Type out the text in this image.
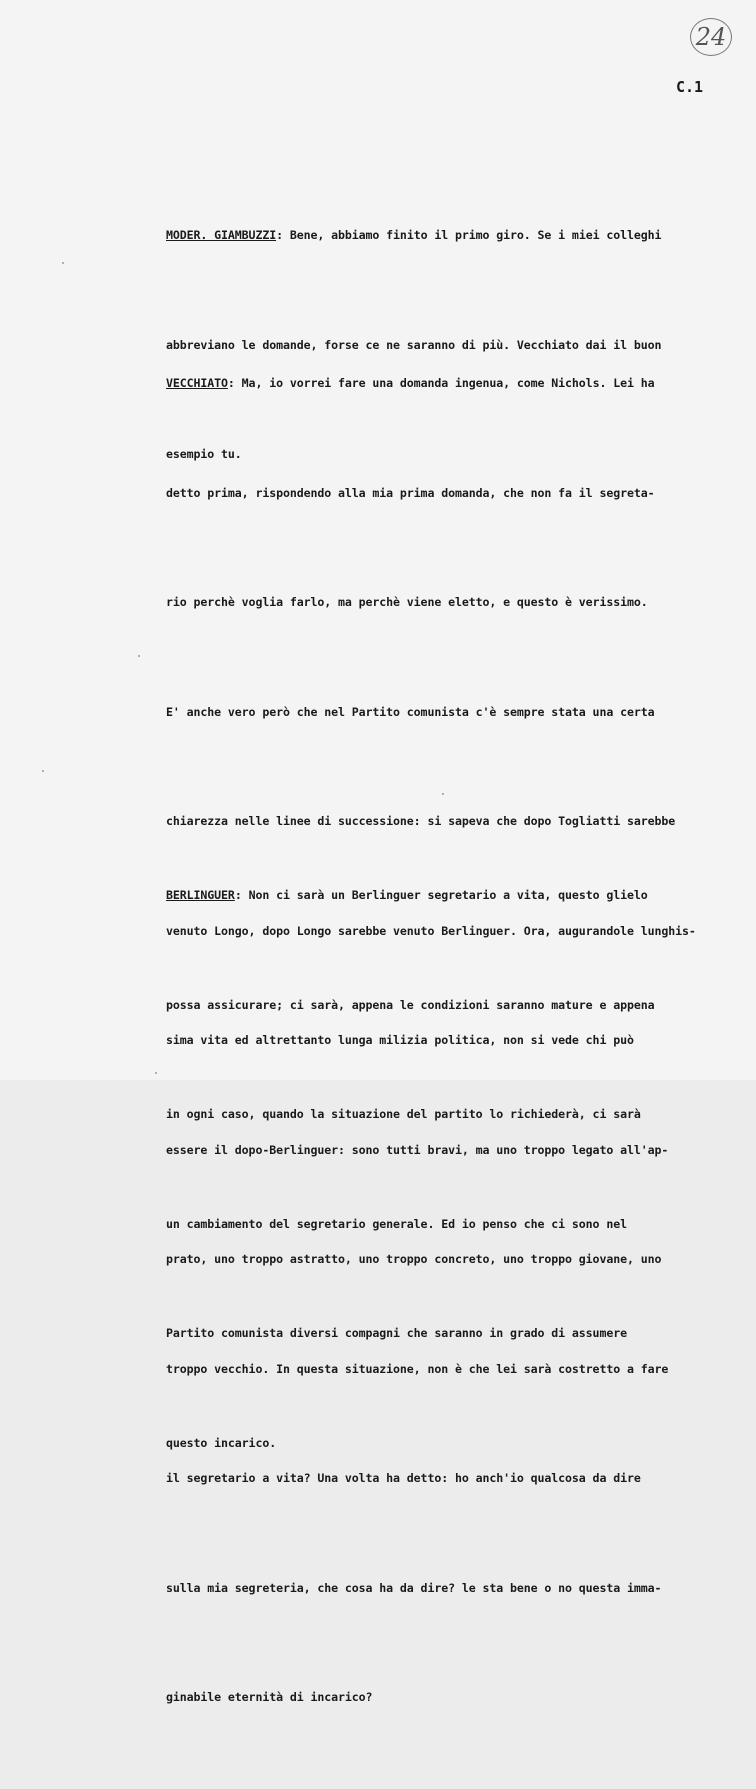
24
C.1

MODER. GIAMBUZZI: Bene, abbiamo finito il primo giro. Se i miei colleghi

abbreviano le domande, forse ce ne saranno di più. Vecchiato dai il buon

esempio tu.

VECCHIATO: Ma, io vorrei fare una domanda ingenua, come Nichols. Lei ha

detto prima, rispondendo alla mia prima domanda, che non fa il segreta-

rio perchè voglia farlo, ma perchè viene eletto, e questo è verissimo.

E' anche vero però che nel Partito comunista c'è sempre stata una certa

chiarezza nelle linee di successione: si sapeva che dopo Togliatti sarebbe

venuto Longo, dopo Longo sarebbe venuto Berlinguer. Ora, augurandole lunghis-

sima vita ed altrettanto lunga milizia politica, non si vede chi può

essere il dopo-Berlinguer: sono tutti bravi, ma uno troppo legato all'ap-

prato, uno troppo astratto, uno troppo concreto, uno troppo giovane, uno

troppo vecchio. In questa situazione, non è che lei sarà costretto a fare

il segretario a vita? Una volta ha detto: ho anch'io qualcosa da dire

sulla mia segreteria, che cosa ha da dire? le sta bene o no questa imma-

ginabile eternità di incarico?

BERLINGUER: Non ci sarà un Berlinguer segretario a vita, questo glielo

possa assicurare; ci sarà, appena le condizioni saranno mature e appena

in ogni caso, quando la situazione del partito lo richiederà, ci sarà

un cambiamento del segretario generale. Ed io penso che ci sono nel

Partito comunista diversi compagni che saranno in grado di assumere

questo incarico.
